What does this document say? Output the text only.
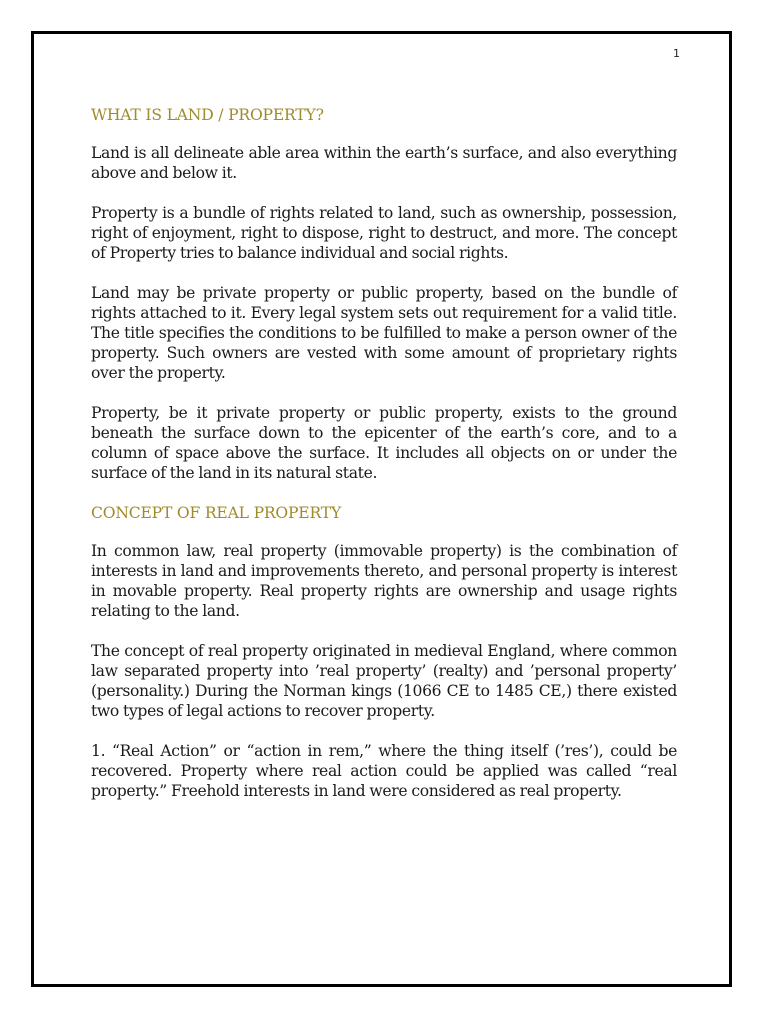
1
WHAT IS LAND / PROPERTY?

Land is all delineate able area within the earth’s surface, and also everything above and below it.

Property is a bundle of rights related to land, such as ownership, possession, right of enjoyment, right to dispose, right to destruct, and more. The concept of Property tries to balance individual and social rights.

Land may be private property or public property, based on the bundle of rights attached to it. Every legal system sets out requirement for a valid title. The title specifies the conditions to be fulfilled to make a person owner of the property. Such owners are vested with some amount of proprietary rights over the property.

Property, be it private property or public property, exists to the ground beneath the surface down to the epicenter of the earth’s core, and to a column of space above the surface. It includes all objects on or under the surface of the land in its natural state.

CONCEPT OF REAL PROPERTY

In common law, real property (immovable property) is the combination of interests in land and improvements thereto, and personal property is interest in movable property. Real property rights are ownership and usage rights relating to the land.

The concept of real property originated in medieval England, where common law separated property into ’real property’ (realty) and ’personal property’ (personality.) During the Norman kings (1066 CE to 1485 CE,) there existed two types of legal actions to recover property.

1. “Real Action” or “action in rem,” where the thing itself (’res’), could be recovered. Property where real action could be applied was called “real property.” Freehold interests in land were considered as real property.
